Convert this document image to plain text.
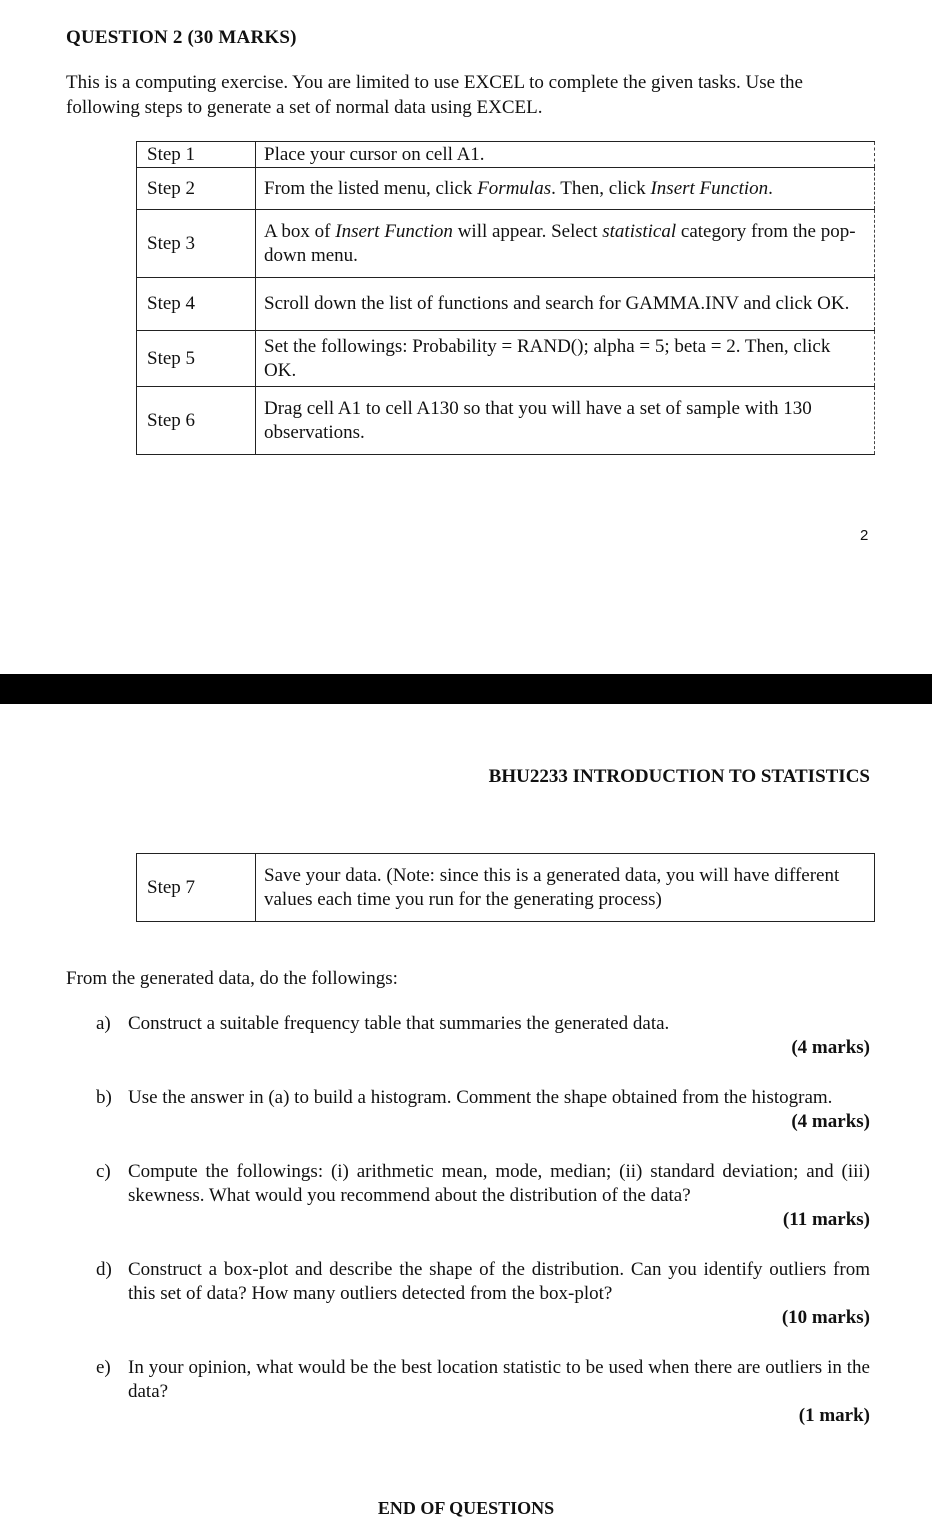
QUESTION 2 (30 MARKS)
This is a computing exercise. You are limited to use EXCEL to complete the given tasks. Use the following steps to generate a set of normal data using EXCEL.
Step 1	Place your cursor on cell A1.
Step 2	From the listed menu, click Formulas. Then, click Insert Function.
Step 3	A box of Insert Function will appear. Select statistical category from the pop-down menu.
Step 4	Scroll down the list of functions and search for GAMMA.INV and click OK.
Step 5	Set the followings: Probability = RAND(); alpha = 5; beta = 2. Then, click OK.
Step 6	Drag cell A1 to cell A130 so that you will have a set of sample with 130 observations.
2
BHU2233 INTRODUCTION TO STATISTICS
Step 7	Save your data. (Note: since this is a generated data, you will have different values each time you run for the generating process)
From the generated data, do the followings:
a) Construct a suitable frequency table that summaries the generated data.
(4 marks)
b) Use the answer in (a) to build a histogram. Comment the shape obtained from the histogram.
(4 marks)
c) Compute the followings: (i) arithmetic mean, mode, median; (ii) standard deviation; and (iii) skewness. What would you recommend about the distribution of the data?
(11 marks)
d) Construct a box-plot and describe the shape of the distribution. Can you identify outliers from this set of data? How many outliers detected from the box-plot?
(10 marks)
e) In your opinion, what would be the best location statistic to be used when there are outliers in the data?
(1 mark)
END OF QUESTIONS
